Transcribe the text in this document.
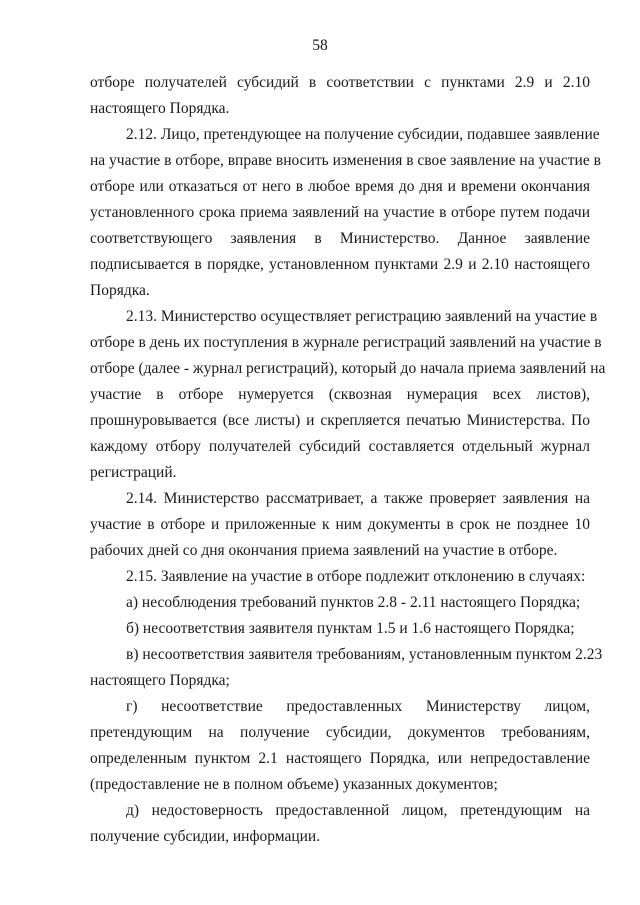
58
отборе получателей субсидий в соответствии с пунктами 2.9 и 2.10
настоящего Порядка.
2.12. Лицо, претендующее на получение субсидии, подавшее заявление
на участие в отборе, вправе вносить изменения в свое заявление на участие в
отборе или отказаться от него в любое время до дня и времени окончания
установленного срока приема заявлений на участие в отборе путем подачи
соответствующего заявления в Министерство. Данное заявление
подписывается в порядке, установленном пунктами 2.9 и 2.10 настоящего
Порядка.
2.13. Министерство осуществляет регистрацию заявлений на участие в
отборе в день их поступления в журнале регистраций заявлений на участие в
отборе (далее - журнал регистраций), который до начала приема заявлений на
участие в отборе нумеруется (сквозная нумерация всех листов),
прошнуровывается (все листы) и скрепляется печатью Министерства. По
каждому отбору получателей субсидий составляется отдельный журнал
регистраций.
2.14. Министерство рассматривает, а также проверяет заявления на
участие в отборе и приложенные к ним документы в срок не позднее 10
рабочих дней со дня окончания приема заявлений на участие в отборе.
2.15. Заявление на участие в отборе подлежит отклонению в случаях:
а) несоблюдения требований пунктов 2.8 - 2.11 настоящего Порядка;
б) несоответствия заявителя пунктам 1.5 и 1.6 настоящего Порядка;
в) несоответствия заявителя требованиям, установленным пунктом 2.23
настоящего Порядка;
г) несоответствие предоставленных Министерству лицом,
претендующим на получение субсидии, документов требованиям,
определенным пунктом 2.1 настоящего Порядка, или непредоставление
(предоставление не в полном объеме) указанных документов;
д) недостоверность предоставленной лицом, претендующим на
получение субсидии, информации.
